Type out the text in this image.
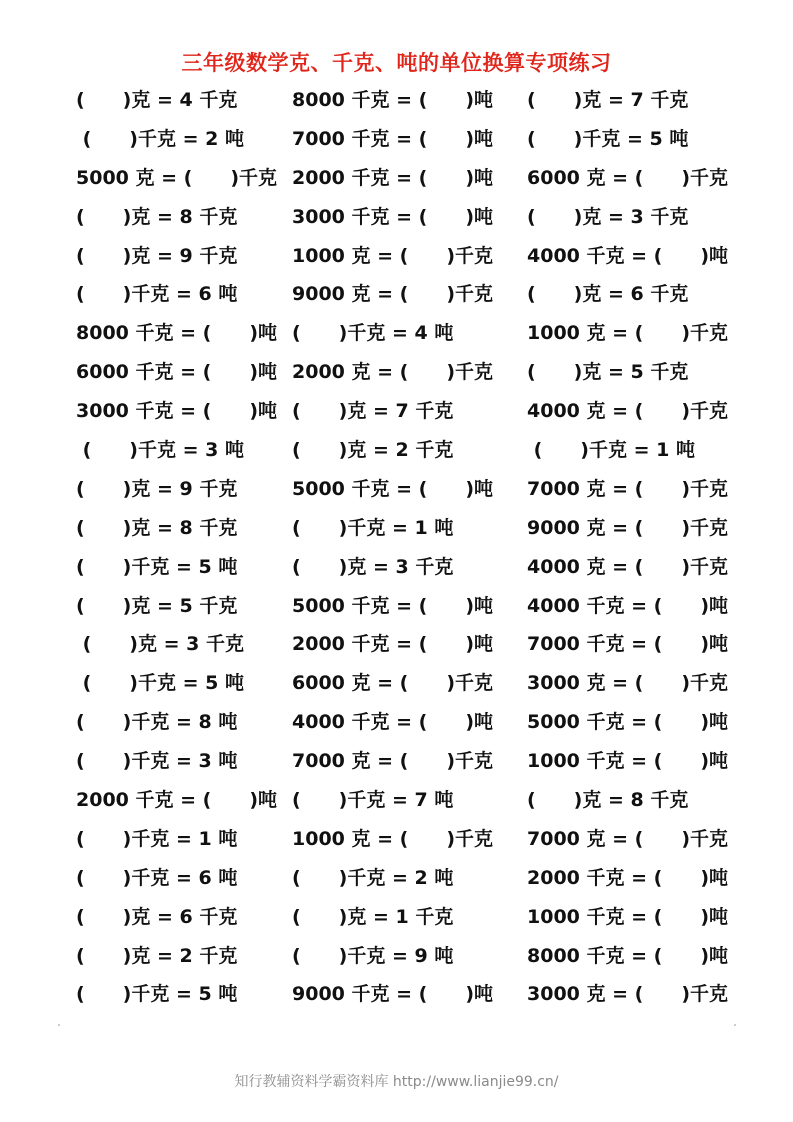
三年级数学克、千克、吨的单位换算专项练习
(　　)克 = 4 千克	8000 千克 = (　　)吨 (　　)克 = 7 千克
(　　)千克 = 2 吨	7000 千克 = (　　)吨 (　　)千克 = 5 吨
5000 克 = (　　)千克 2000 千克 = (　　)吨 6000 克 = (　　)千克
(　　)克 = 8 千克	3000 千克 = (　　)吨 (　　)克 = 3 千克
(　　)克 = 9 千克	1000 克 = (　　)千克 4000 千克 = (　　)吨
(　　)千克 = 6 吨	9000 克 = (　　)千克 (　　)克 = 6 千克
8000 千克 = (　　)吨 (　　)千克 = 4 吨	1000 克 = (　　)千克
6000 千克 = (　　)吨 2000 克 = (　　)千克 (　　)克 = 5 千克
3000 千克 = (　　)吨 (　　)克 = 7 千克	4000 克 = (　　)千克
(　　)千克 = 3 吨	(　　)克 = 2 千克	(　　)千克 = 1 吨
(　　)克 = 9 千克	5000 千克 = (　　)吨 7000 克 = (　　)千克
(　　)克 = 8 千克	(　　)千克 = 1 吨	9000 克 = (　　)千克
(　　)千克 = 5 吨	(　　)克 = 3 千克	4000 克 = (　　)千克
(　　)克 = 5 千克	5000 千克 = (　　)吨 4000 千克 = (　　)吨
(　　)克 = 3 千克	2000 千克 = (　　)吨 7000 千克 = (　　)吨
(　　)千克 = 5 吨	6000 克 = (　　)千克 3000 克 = (　　)千克
(　　)千克 = 8 吨	4000 千克 = (　　)吨 5000 千克 = (　　)吨
(　　)千克 = 3 吨	7000 克 = (　　)千克 1000 千克 = (　　)吨
2000 千克 = (　　)吨 (　　)千克 = 7 吨	(　　)克 = 8 千克
(　　)千克 = 1 吨	1000 克 = (　　)千克 7000 克 = (　　)千克
(　　)千克 = 6 吨	(　　)千克 = 2 吨	2000 千克 = (　　)吨
(　　)克 = 6 千克	(　　)克 = 1 千克	1000 千克 = (　　)吨
(　　)克 = 2 千克	(　　)千克 = 9 吨	8000 千克 = (　　)吨
(　　)千克 = 5 吨	9000 千克 = (　　)吨 3000 克 = (　　)千克
知行教辅资料学霸资料库 http://www.lianjie99.cn/
